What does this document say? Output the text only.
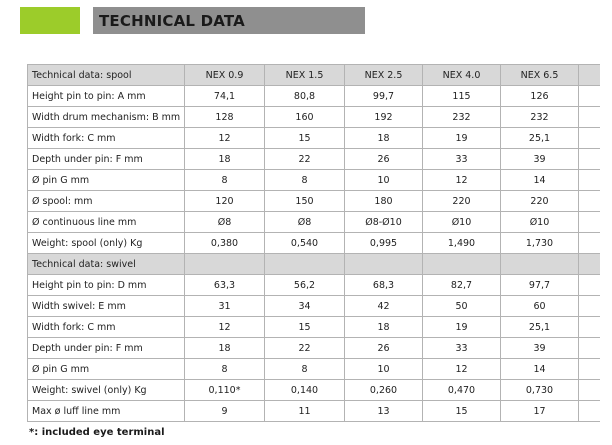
TECHNICAL DATA
Technical data: spool	NEX 0.9	NEX 1.5	NEX 2.5	NEX 4.0	NEX 6.5	
Height pin to pin: A mm	74,1	80,8	99,7	115	126	
Width drum mechanism: B mm	128	160	192	232	232	
Width fork: C mm	12	15	18	19	25,1	
Depth under pin: F mm	18	22	26	33	39	
Ø pin G mm	8	8	10	12	14	
Ø spool: mm	120	150	180	220	220	
Ø continuous line mm	Ø8	Ø8	Ø8-Ø10	Ø10	Ø10	
Weight: spool (only) Kg	0,380	0,540	0,995	1,490	1,730	
Technical data: swivel						
Height pin to pin: D mm	63,3	56,2	68,3	82,7	97,7	
Width swivel: E mm	31	34	42	50	60	
Width fork: C mm	12	15	18	19	25,1	
Depth under pin: F mm	18	22	26	33	39	
Ø pin G mm	8	8	10	12	14	
Weight: swivel (only) Kg	0,110*	0,140	0,260	0,470	0,730	
Max ø luff line mm	9	11	13	15	17	
*: included eye terminal
